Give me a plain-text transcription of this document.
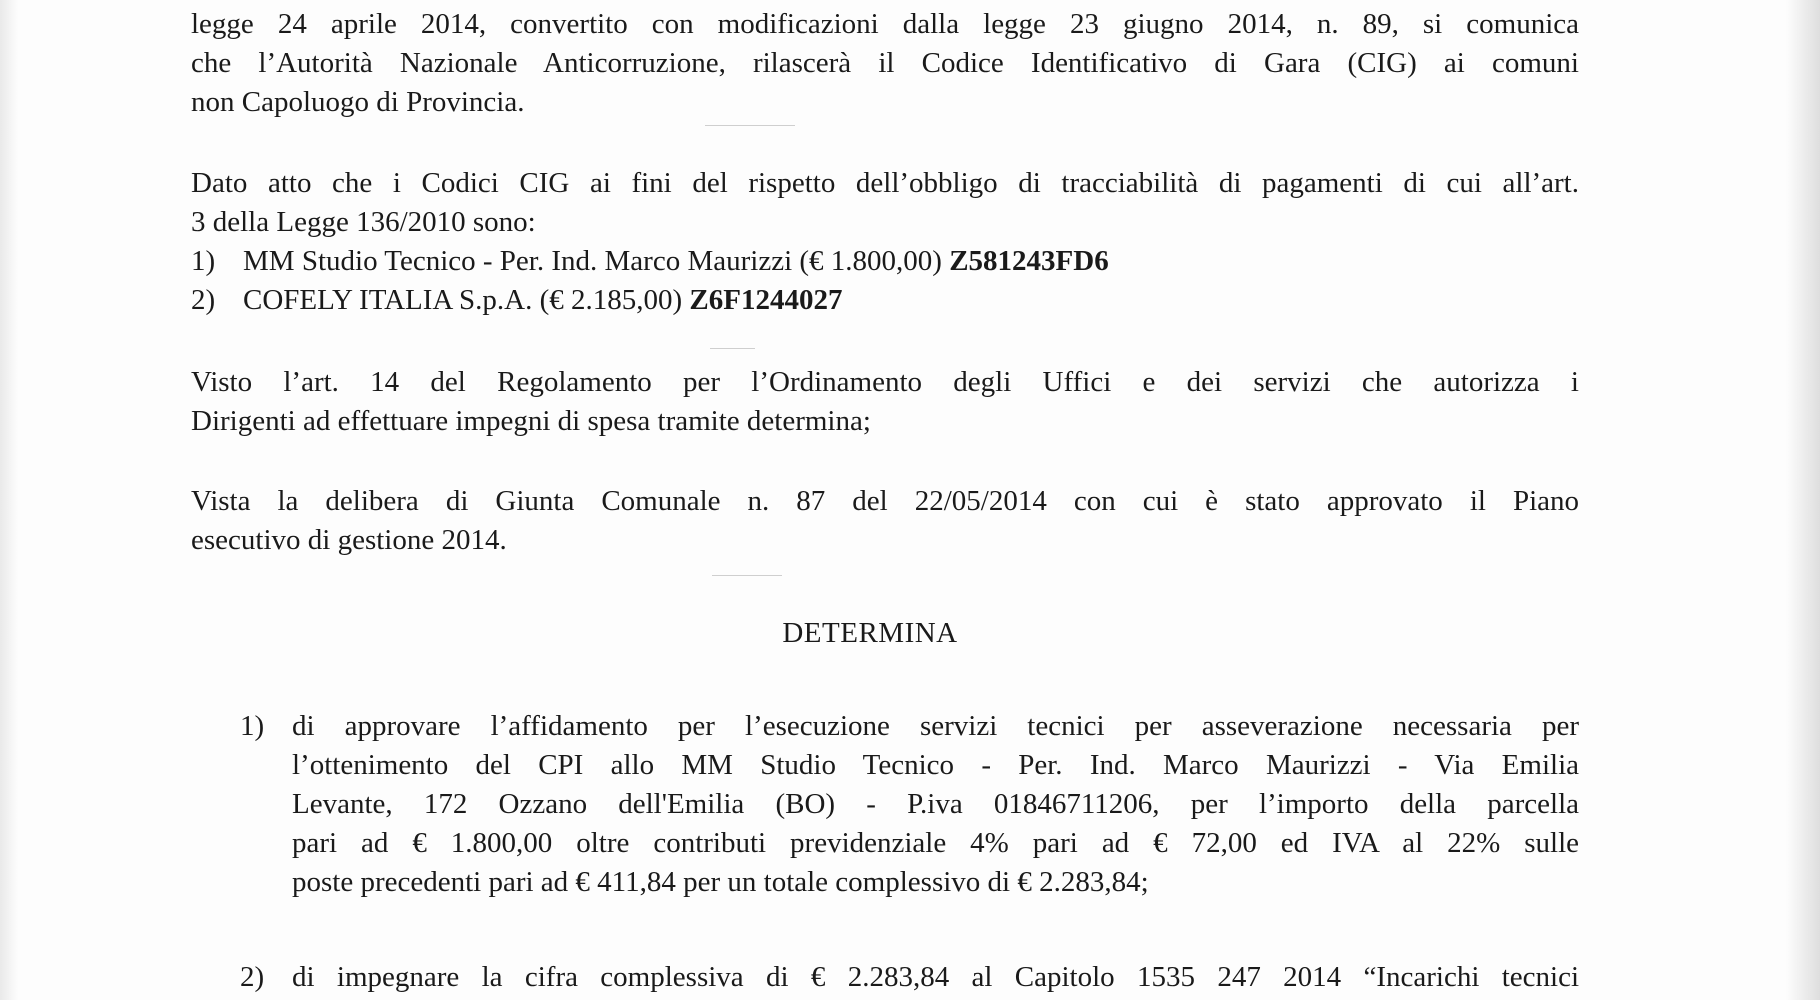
legge 24 aprile 2014, convertito con modificazioni dalla legge 23 giugno 2014, n. 89, si comunica
che l’Autorità Nazionale Anticorruzione, rilascerà il Codice Identificativo di Gara (CIG) ai comuni
non Capoluogo di Provincia.
Dato atto che i Codici CIG ai fini del rispetto dell’obbligo di tracciabilità di pagamenti di cui all’art.
3 della Legge 136/2010 sono:
1) MM Studio Tecnico - Per. Ind. Marco Maurizzi (€ 1.800,00) Z581243FD6
2) COFELY ITALIA S.p.A. (€ 2.185,00) Z6F1244027
Visto l’art. 14 del Regolamento per l’Ordinamento degli Uffici e dei servizi che autorizza i
Dirigenti ad effettuare impegni di spesa tramite determina;
Vista la delibera di Giunta Comunale n. 87 del 22/05/2014 con cui è stato approvato il Piano
esecutivo di gestione 2014.
DETERMINA
1) di approvare l’affidamento per l’esecuzione servizi tecnici per asseverazione necessaria per
l’ottenimento del CPI allo MM Studio Tecnico - Per. Ind. Marco Maurizzi - Via Emilia
Levante, 172 Ozzano dell'Emilia (BO) - P.iva 01846711206, per l’importo della parcella
pari ad € 1.800,00 oltre contributi previdenziale 4% pari ad € 72,00 ed IVA al 22% sulle
poste precedenti pari ad € 411,84 per un totale complessivo di € 2.283,84;
2) di impegnare la cifra complessiva di € 2.283,84 al Capitolo 1535 247 2014 “Incarichi tecnici
